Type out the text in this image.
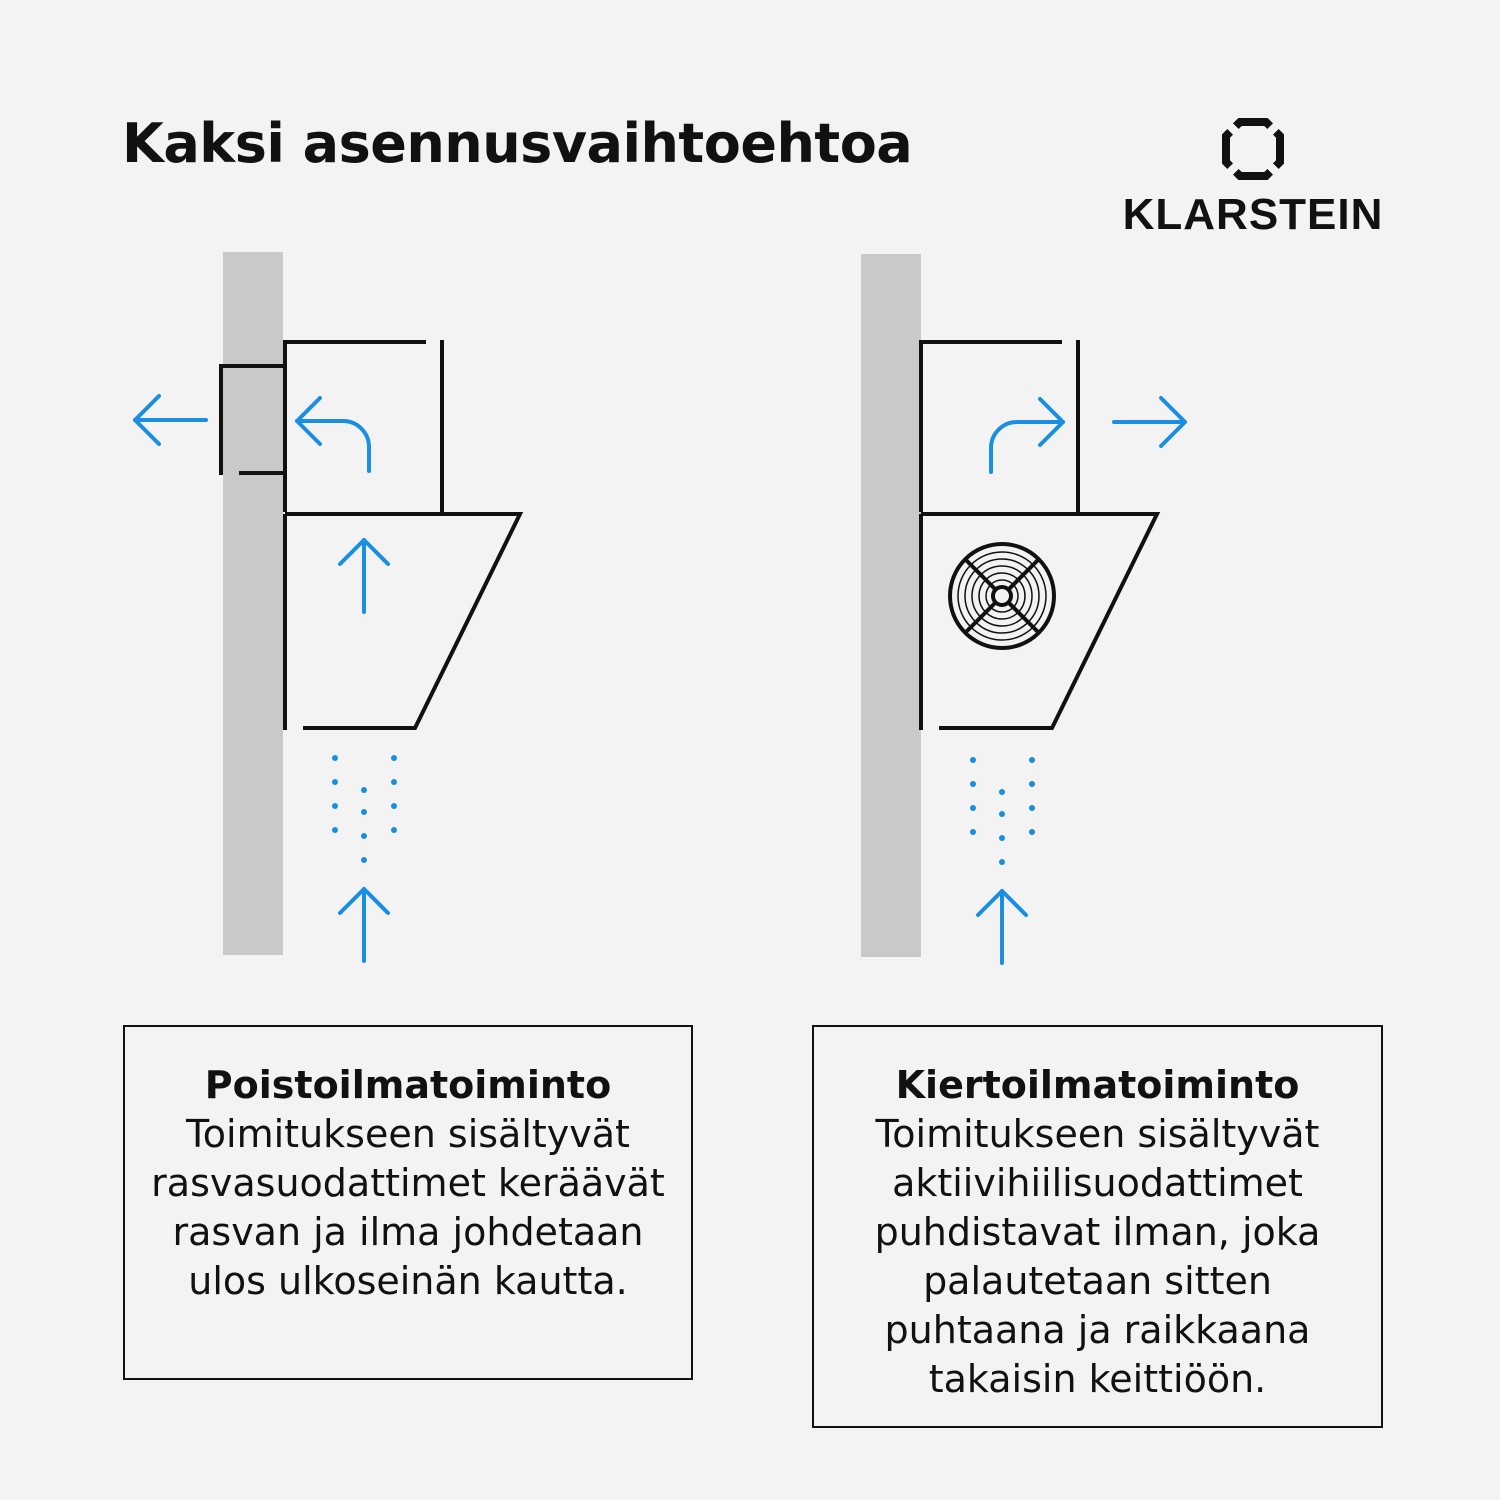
Kaksi asennusvaihtoehtoa
KLARSTEIN
Poistoilmatoiminto
Toimitukseen sisältyvät rasvasuodattimet keräävät rasvan ja ilma johdetaan ulos ulkoseinän kautta.
Kiertoilmatoiminto
Toimitukseen sisältyvät aktiivihiilisuodattimet puhdistavat ilman, joka palautetaan sitten puhtaana ja raikkaana takaisin keittiöön.
